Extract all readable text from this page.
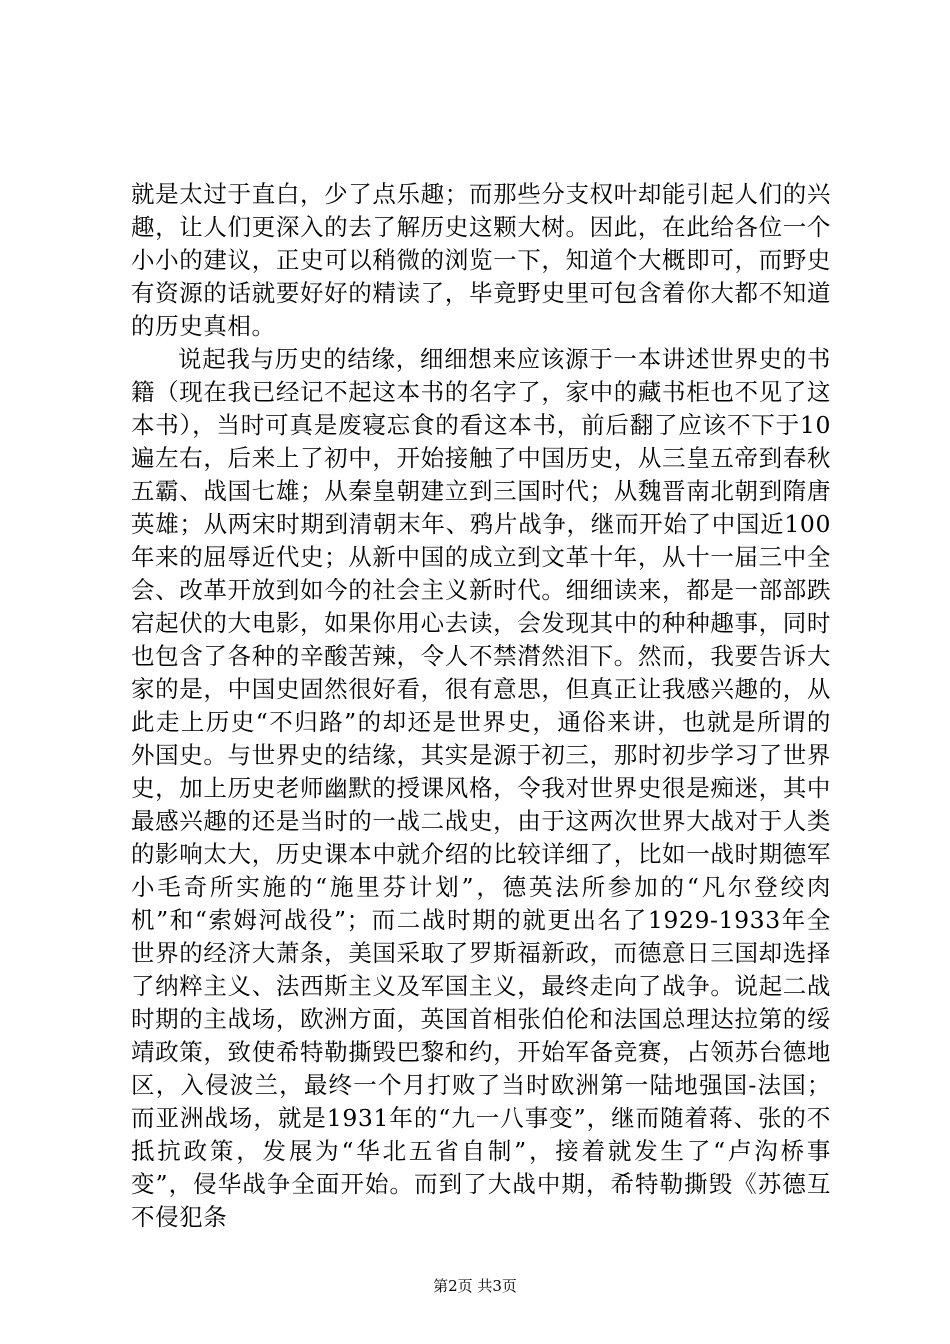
就是太过于直白，少了点乐趣；而那些分支权叶却能引起人们的兴趣，让人们更深入的去了解历史这颗大树。因此，在此给各位一个小小的建议，正史可以稍微的浏览一下，知道个大概即可，而野史有资源的话就要好好的精读了，毕竟野史里可包含着你大都不知道的历史真相。

说起我与历史的结缘，细细想来应该源于一本讲述世界史的书籍（现在我已经记不起这本书的名字了，家中的藏书柜也不见了这本书），当时可真是废寝忘食的看这本书，前后翻了应该不下于10遍左右，后来上了初中，开始接触了中国历史，从三皇五帝到春秋五霸、战国七雄；从秦皇朝建立到三国时代；从魏晋南北朝到隋唐英雄；从两宋时期到清朝末年、鸦片战争，继而开始了中国近100年来的屈辱近代史；从新中国的成立到文革十年，从十一届三中全会、改革开放到如今的社会主义新时代。细细读来，都是一部部跌宕起伏的大电影，如果你用心去读，会发现其中的种种趣事，同时也包含了各种的辛酸苦辣，令人不禁潸然泪下。然而，我要告诉大家的是，中国史固然很好看，很有意思，但真正让我感兴趣的，从此走上历史“不归路”的却还是世界史，通俗来讲，也就是所谓的外国史。与世界史的结缘，其实是源于初三，那时初步学习了世界史，加上历史老师幽默的授课风格，令我对世界史很是痴迷，其中最感兴趣的还是当时的一战二战史，由于这两次世界大战对于人类的影响太大，历史课本中就介绍的比较详细了，比如一战时期德军小毛奇所实施的“施里芬计划”，德英法所参加的“凡尔登绞肉机”和“索姆河战役”；而二战时期的就更出名了1929-1933年全世界的经济大萧条，美国采取了罗斯福新政，而德意日三国却选择了纳粹主义、法西斯主义及军国主义，最终走向了战争。说起二战时期的主战场，欧洲方面，英国首相张伯伦和法国总理达拉第的绥靖政策，致使希特勒撕毁巴黎和约，开始军备竞赛，占领苏台德地区，入侵波兰，最终一个月打败了当时欧洲第一陆地强国-法国；而亚洲战场，就是1931年的“九一八事变”，继而随着蒋、张的不抵抗政策，发展为“华北五省自制”，接着就发生了“卢沟桥事变”，侵华战争全面开始。而到了大战中期，希特勒撕毁《苏德互不侵犯条

第2页 共3页
